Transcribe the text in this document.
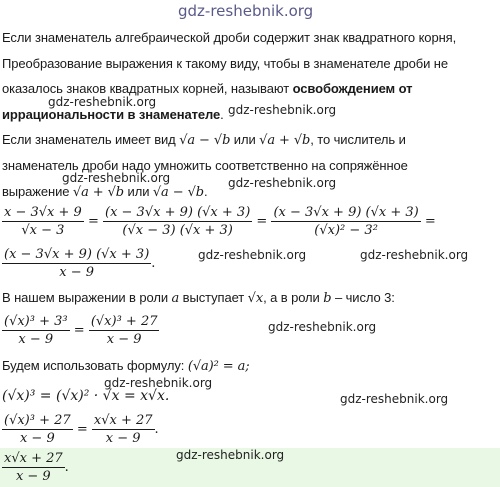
gdz-reshebnik.org
Если знаменатель алгебраической дроби содержит знак квадратного корня,
Преобразование выражения к такому виду, чтобы в знаменателе дроби не
оказалось знаков квадратных корней, называют освобождением от
gdz-reshebnik.org
иррациональности в знаменателе. gdz-reshebnik.org
Если знаменатель имеет вид √a − √b или √a + √b, то числитель и
знаменатель дроби надо умножить соответственно на сопряжённое
gdz-reshebnik.org	gdz-reshebnik.org
выражение √a + √b или √a − √b.
$\frac{x - 3√x + 9}{√x - 3} = \frac{(x - 3√x + 9) (√x + 3)}{(√x - 3) (√x + 3)} = \frac{(x - 3√x + 9) (√x + 3)}{\text{(√x)² − 3²}}$ =
$\frac{(x - 3√x + 9) (√x + 3)}{x - 9}$ .
gdz-reshebnik.org	gdz-reshebnik.org
В нашем выражении в роли a выступает √x, а в роли b – число 3:
$\frac{\text{(√x)³ + 3³}}{x - 9} = \frac{\text{(√x)³ + 27}}{x - 9}$	gdz-reshebnik.org
Будем использовать формулу: (√a)² = a;
gdz-reshebnik.org
(√x)³ = (√x)² · √x = x√x.	gdz-reshebnik.org
$\frac{\text{(√x)³ + 27}}{x - 9} = \frac{x√x + 27}{x - 9}$ .
gdz-reshebnik.org
$\frac{x√x + 27}{x - 9}$ .
